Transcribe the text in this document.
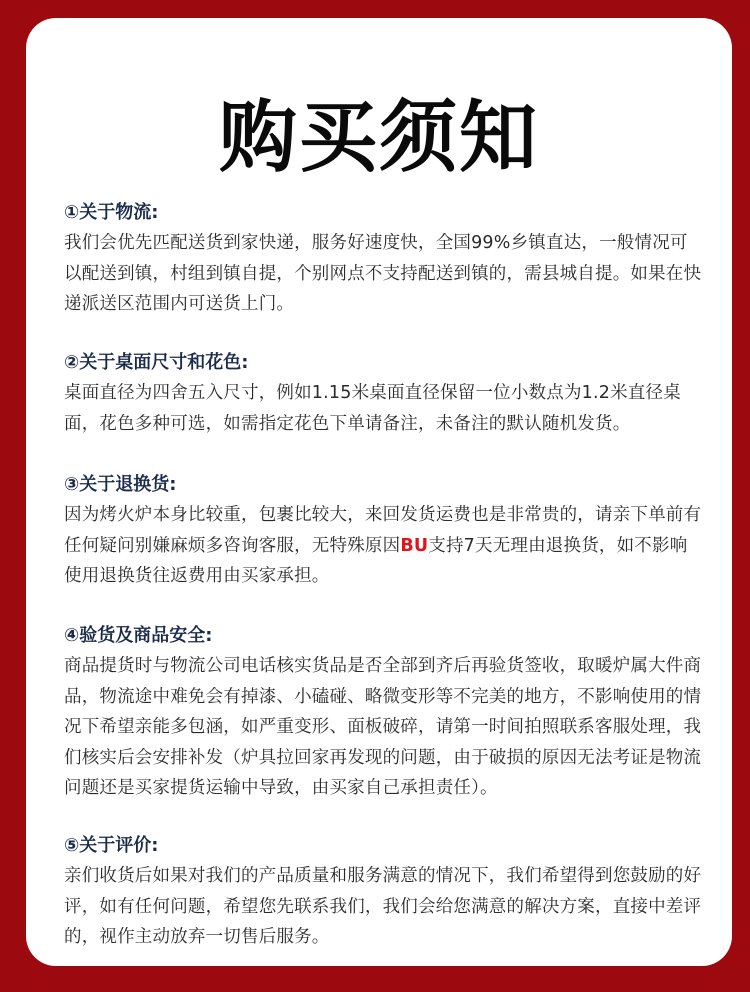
购买须知

①关于物流:

我们会优先匹配送货到家快递，服务好速度快，全国99%乡镇直达，一般情况可以配送到镇，村组到镇自提，个别网点不支持配送到镇的，需县城自提。如果在快递派送区范围内可送货上门。

②关于桌面尺寸和花色:

桌面直径为四舍五入尺寸，例如1.15米桌面直径保留一位小数点为1.2米直径桌面，花色多种可选，如需指定花色下单请备注，未备注的默认随机发货。

③关于退换货:

因为烤火炉本身比较重，包裹比较大，来回发货运费也是非常贵的，请亲下单前有任何疑问别嫌麻烦多咨询客服，无特殊原因BU支持7天无理由退换货，如不影响使用退换货往返费用由买家承担。

④验货及商品安全:

商品提货时与物流公司电话核实货品是否全部到齐后再验货签收，取暖炉属大件商品，物流途中难免会有掉漆、小磕碰、略微变形等不完美的地方，不影响使用的情况下希望亲能多包涵，如严重变形、面板破碎，请第一时间拍照联系客服处理，我们核实后会安排补发（炉具拉回家再发现的问题，由于破损的原因无法考证是物流问题还是买家提货运输中导致，由买家自己承担责任）。

⑤关于评价:

亲们收货后如果对我们的产品质量和服务满意的情况下，我们希望得到您鼓励的好评，如有任何问题，希望您先联系我们，我们会给您满意的解决方案，直接中差评的，视作主动放弃一切售后服务。
